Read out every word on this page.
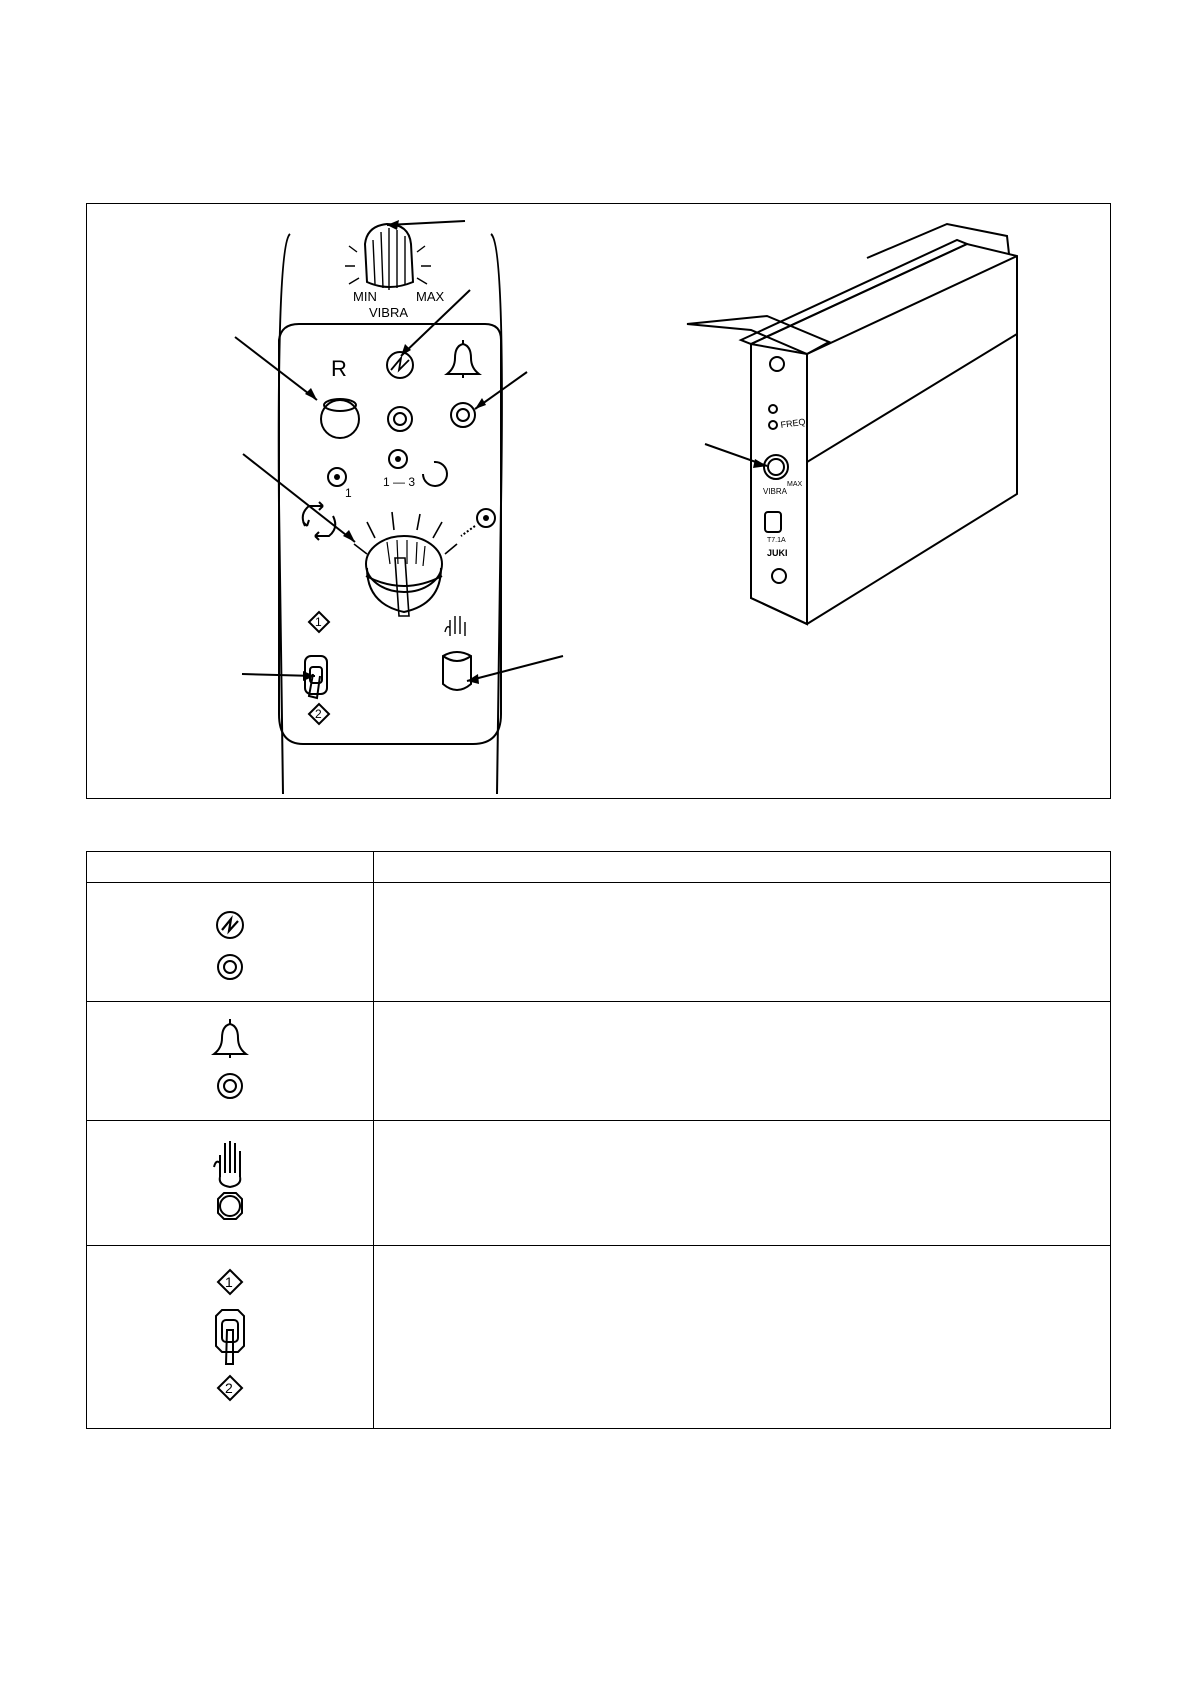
MIN	MAX
VIBRA
R
1
1 — 3
1
2
FREQ
VIBRA
MAX
T7.1A
JUKI

1
2	
